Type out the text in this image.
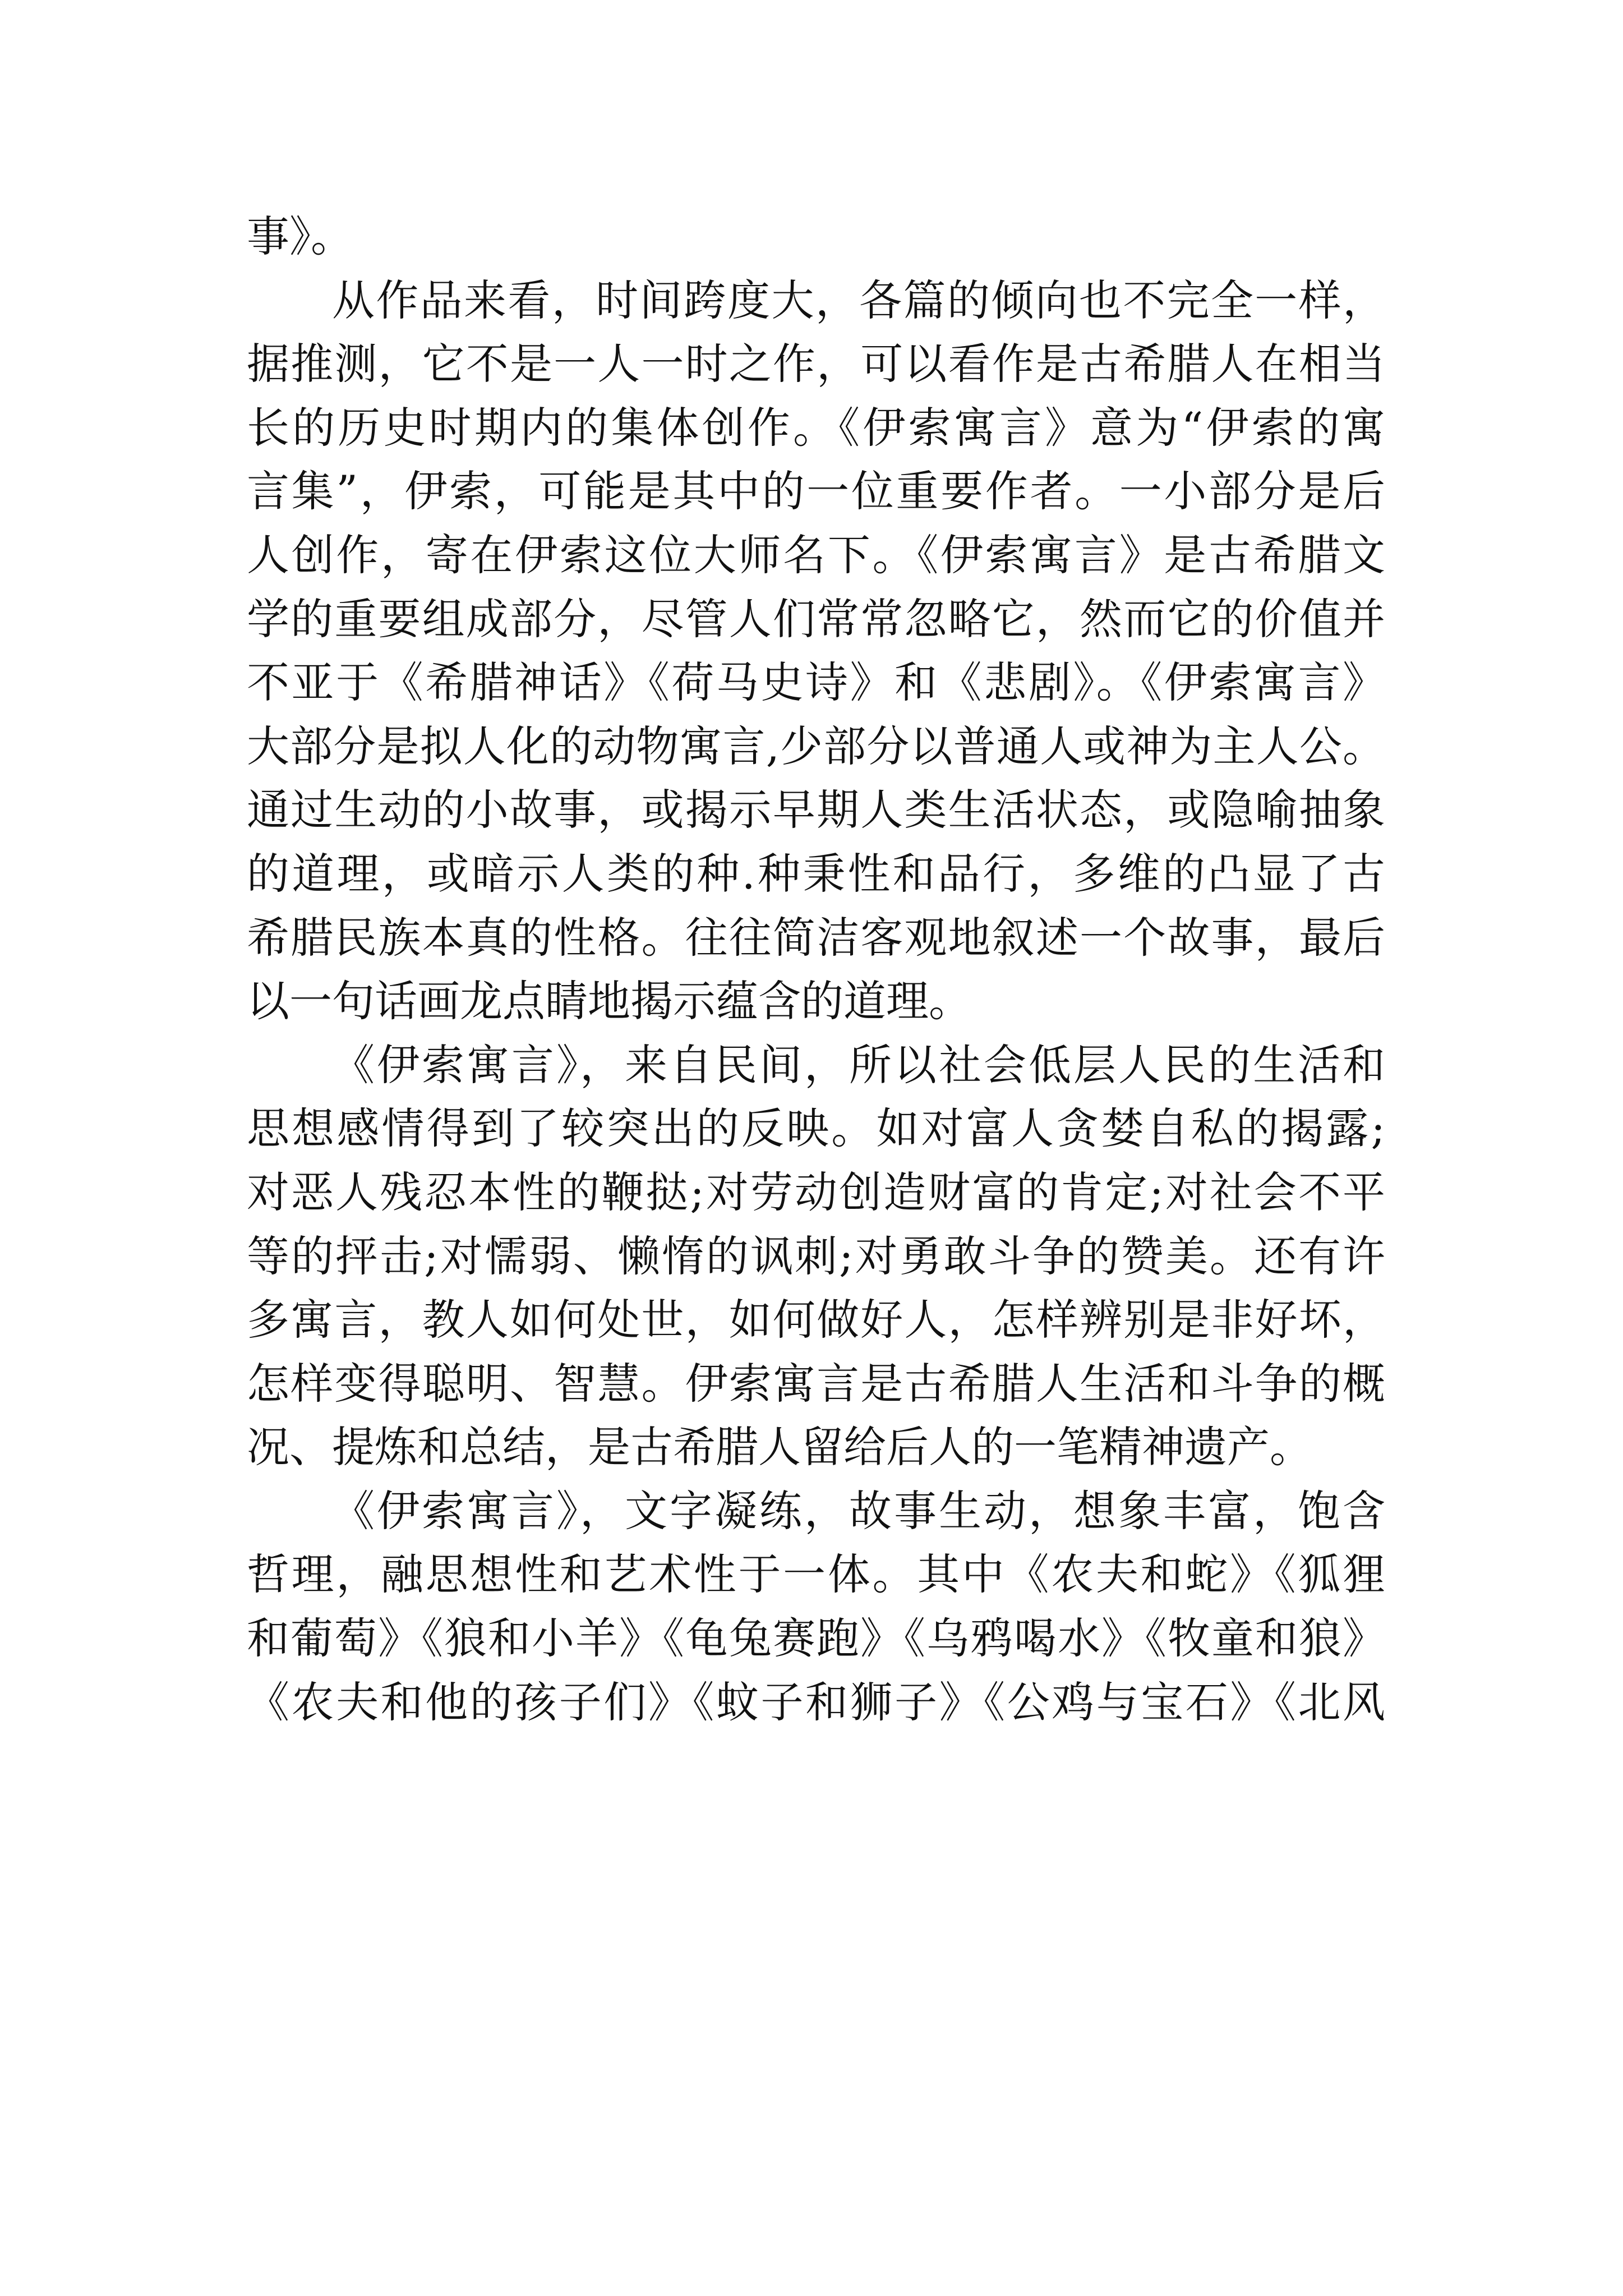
事》。

从作品来看，时间跨度大，各篇的倾向也不完全一样，
据推测，它不是一人一时之作，可以看作是古希腊人在相当
长的历史时期内的集体创作。《伊索寓言》意为“伊索的寓
言集”，伊索，可能是其中的一位重要作者。一小部分是后
人创作，寄在伊索这位大师名下。《伊索寓言》是古希腊文
学的重要组成部分，尽管人们常常忽略它，然而它的价值并
不亚于《希腊神话》《荷马史诗》和《悲剧》。《伊索寓言》
大部分是拟人化的动物寓言,少部分以普通人或神为主人公。
通过生动的小故事，或揭示早期人类生活状态，或隐喻抽象
的道理，或暗示人类的种.种秉性和品行，多维的凸显了古
希腊民族本真的性格。往往简洁客观地叙述一个故事，最后
以一句话画龙点睛地揭示蕴含的道理。

《伊索寓言》，来自民间，所以社会低层人民的生活和
思想感情得到了较突出的反映。如对富人贪婪自私的揭露;
对恶人残忍本性的鞭挞;对劳动创造财富的肯定;对社会不平
等的抨击;对懦弱、懒惰的讽刺;对勇敢斗争的赞美。还有许
多寓言，教人如何处世，如何做好人，怎样辨别是非好坏，
怎样变得聪明、智慧。伊索寓言是古希腊人生活和斗争的概
况、提炼和总结，是古希腊人留给后人的一笔精神遗产。

《伊索寓言》，文字凝练，故事生动，想象丰富，饱含
哲理，融思想性和艺术性于一体。其中《农夫和蛇》《狐狸
和葡萄》《狼和小羊》《龟兔赛跑》《乌鸦喝水》《牧童和狼》
《农夫和他的孩子们》《蚊子和狮子》《公鸡与宝石》《北风
